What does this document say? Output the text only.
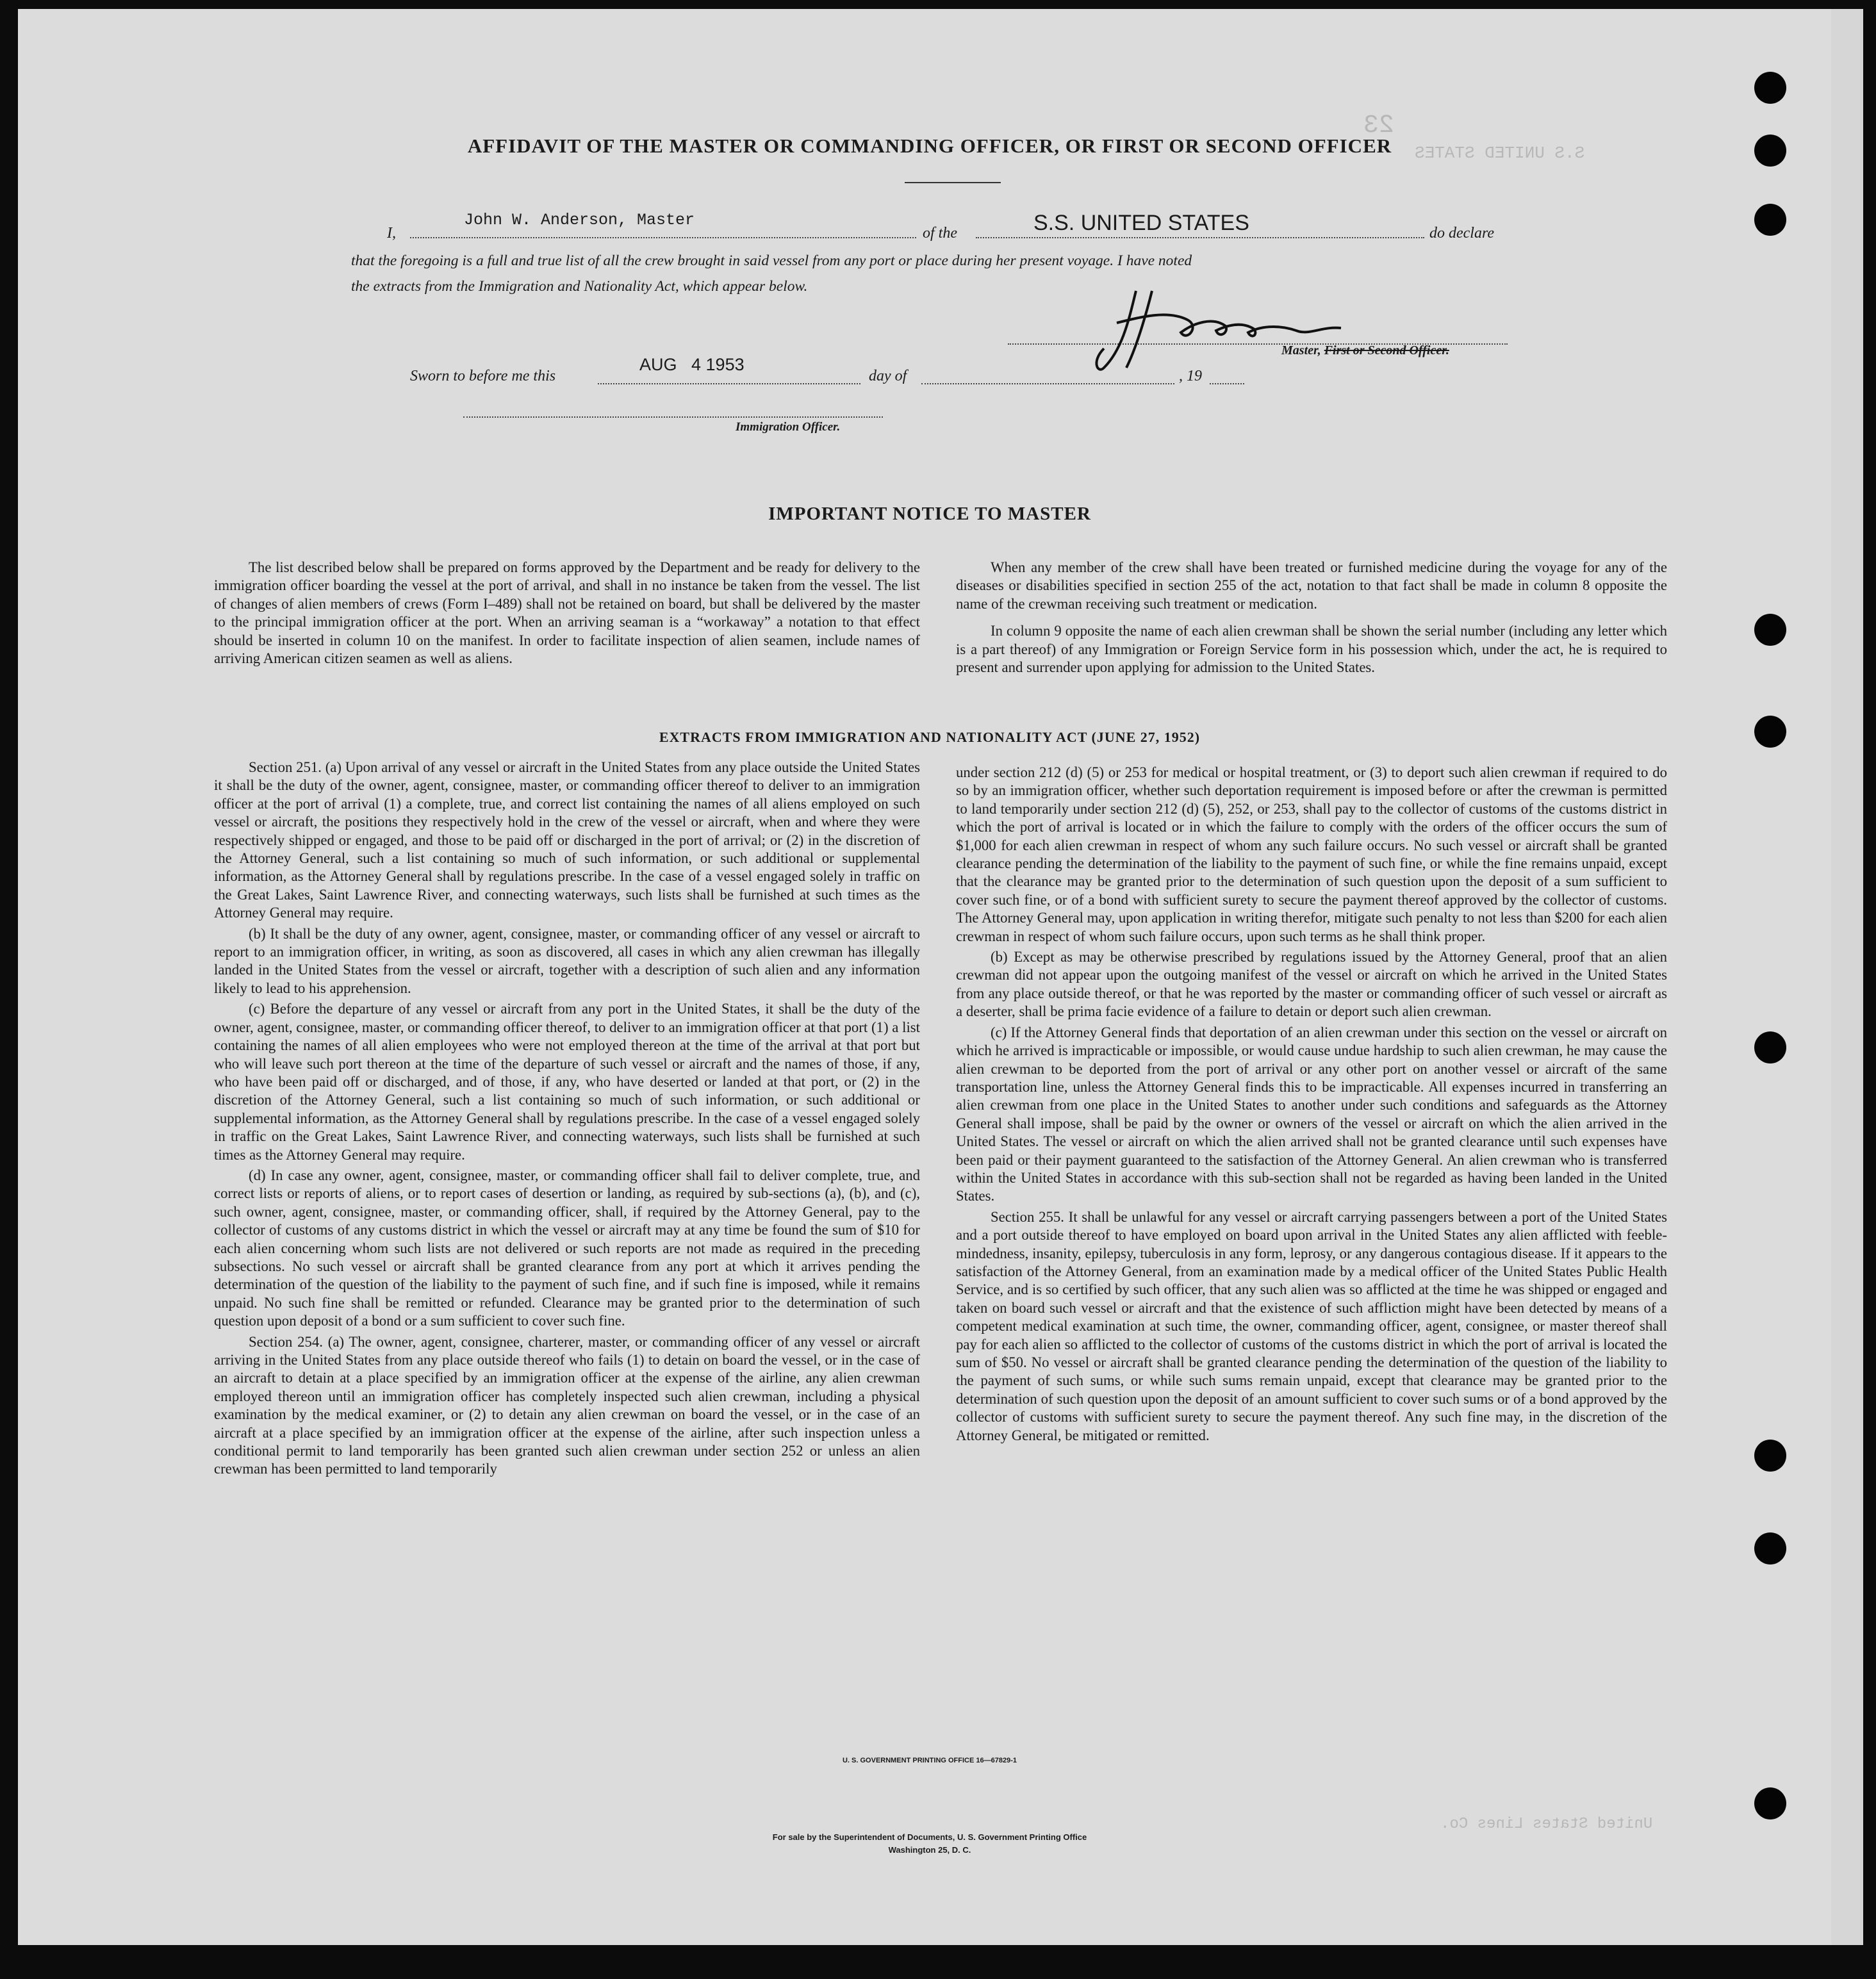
23
S.S UNITED STATES
United States Lines Co.
AFFIDAVIT OF THE MASTER OR COMMANDING OFFICER, OR FIRST OR SECOND OFFICER
I,
John W. Anderson, Master
of the	S.S. UNITED STATES	do declare
that the foregoing is a full and true list of all the crew brought in said vessel from any port or place during her present voyage. I have noted
the extracts from the Immigration and Nationality Act, which appear below.
Master, First or Second Officer.
Sworn to before me this
AUG   4 1953
day of	, 19
Immigration Officer.
IMPORTANT NOTICE TO MASTER

The list described below shall be prepared on forms approved by the Department and be ready for delivery to the immigration officer boarding the vessel at the port of arrival, and shall in no instance be taken from the vessel. The list of changes of alien members of crews (Form I–489) shall not be retained on board, but shall be delivered by the master to the principal immigration officer at the port. When an arriving seaman is a “workaway” a notation to that effect should be inserted in column 10 on the manifest. In order to facilitate inspection of alien seamen, include names of arriving American citizen seamen as well as aliens.

When any member of the crew shall have been treated or furnished medicine during the voyage for any of the diseases or disabilities specified in section 255 of the act, notation to that fact shall be made in column 8 opposite the name of the crewman receiving such treatment or medication.

In column 9 opposite the name of each alien crewman shall be shown the serial number (including any letter which is a part thereof) of any Immigration or Foreign Service form in his possession which, under the act, he is required to present and surrender upon applying for admission to the United States.

EXTRACTS FROM IMMIGRATION AND NATIONALITY ACT (JUNE 27, 1952)

Section 251. (a) Upon arrival of any vessel or aircraft in the United States from any place outside the United States it shall be the duty of the owner, agent, consignee, master, or commanding officer thereof to deliver to an immigration officer at the port of arrival (1) a complete, true, and correct list containing the names of all aliens employed on such vessel or aircraft, the positions they respectively hold in the crew of the vessel or aircraft, when and where they were respectively shipped or engaged, and those to be paid off or discharged in the port of arrival; or (2) in the discretion of the Attorney General, such a list containing so much of such information, or such additional or supplemental information, as the Attorney General shall by regulations prescribe. In the case of a vessel engaged solely in traffic on the Great Lakes, Saint Lawrence River, and connecting waterways, such lists shall be furnished at such times as the Attorney General may require.

(b) It shall be the duty of any owner, agent, consignee, master, or commanding officer of any vessel or aircraft to report to an immigration officer, in writing, as soon as discovered, all cases in which any alien crewman has illegally landed in the United States from the vessel or aircraft, together with a description of such alien and any information likely to lead to his apprehension.

(c) Before the departure of any vessel or aircraft from any port in the United States, it shall be the duty of the owner, agent, consignee, master, or commanding officer thereof, to deliver to an immigration officer at that port (1) a list containing the names of all alien employees who were not employed thereon at the time of the arrival at that port but who will leave such port thereon at the time of the departure of such vessel or aircraft and the names of those, if any, who have been paid off or discharged, and of those, if any, who have deserted or landed at that port, or (2) in the discretion of the Attorney General, such a list containing so much of such information, or such additional or supplemental information, as the Attorney General shall by regulations prescribe. In the case of a vessel engaged solely in traffic on the Great Lakes, Saint Lawrence River, and connecting waterways, such lists shall be furnished at such times as the Attorney General may require.

(d) In case any owner, agent, consignee, master, or commanding officer shall fail to deliver complete, true, and correct lists or reports of aliens, or to report cases of desertion or landing, as required by sub-sections (a), (b), and (c), such owner, agent, consignee, master, or commanding officer, shall, if required by the Attorney General, pay to the collector of customs of any customs district in which the vessel or aircraft may at any time be found the sum of $10 for each alien concerning whom such lists are not delivered or such reports are not made as required in the preceding subsections. No such vessel or aircraft shall be granted clearance from any port at which it arrives pending the determination of the question of the liability to the payment of such fine, and if such fine is imposed, while it remains unpaid. No such fine shall be remitted or refunded. Clearance may be granted prior to the determination of such question upon deposit of a bond or a sum sufficient to cover such fine.

Section 254. (a) The owner, agent, consignee, charterer, master, or commanding officer of any vessel or aircraft arriving in the United States from any place outside thereof who fails (1) to detain on board the vessel, or in the case of an aircraft to detain at a place specified by an immigration officer at the expense of the airline, any alien crewman employed thereon until an immigration officer has completely inspected such alien crewman, including a physical examination by the medical examiner, or (2) to detain any alien crewman on board the vessel, or in the case of an aircraft at a place specified by an immigration officer at the expense of the airline, after such inspection unless a conditional permit to land temporarily has been granted such alien crewman under section 252 or unless an alien crewman has been permitted to land temporarily

under section 212 (d) (5) or 253 for medical or hospital treatment, or (3) to deport such alien crewman if required to do so by an immigration officer, whether such deportation requirement is imposed before or after the crewman is permitted to land temporarily under section 212 (d) (5), 252, or 253, shall pay to the collector of customs of the customs district in which the port of arrival is located or in which the failure to comply with the orders of the officer occurs the sum of $1,000 for each alien crewman in respect of whom any such failure occurs. No such vessel or aircraft shall be granted clearance pending the determination of the liability to the payment of such fine, or while the fine remains unpaid, except that the clearance may be granted prior to the determination of such question upon the deposit of a sum sufficient to cover such fine, or of a bond with sufficient surety to secure the payment thereof approved by the collector of customs. The Attorney General may, upon application in writing therefor, mitigate such penalty to not less than $200 for each alien crewman in respect of whom such failure occurs, upon such terms as he shall think proper.

(b) Except as may be otherwise prescribed by regulations issued by the Attorney General, proof that an alien crewman did not appear upon the outgoing manifest of the vessel or aircraft on which he arrived in the United States from any place outside thereof, or that he was reported by the master or commanding officer of such vessel or aircraft as a deserter, shall be prima facie evidence of a failure to detain or deport such alien crewman.

(c) If the Attorney General finds that deportation of an alien crewman under this section on the vessel or aircraft on which he arrived is impracticable or impossible, or would cause undue hardship to such alien crewman, he may cause the alien crewman to be deported from the port of arrival or any other port on another vessel or aircraft of the same transportation line, unless the Attorney General finds this to be impracticable. All expenses incurred in transferring an alien crewman from one place in the United States to another under such conditions and safeguards as the Attorney General shall impose, shall be paid by the owner or owners of the vessel or aircraft on which the alien arrived in the United States. The vessel or aircraft on which the alien arrived shall not be granted clearance until such expenses have been paid or their payment guaranteed to the satisfaction of the Attorney General. An alien crewman who is transferred within the United States in accordance with this sub-section shall not be regarded as having been landed in the United States.

Section 255. It shall be unlawful for any vessel or aircraft carrying passengers between a port of the United States and a port outside thereof to have employed on board upon arrival in the United States any alien afflicted with feeble-mindedness, insanity, epilepsy, tuberculosis in any form, leprosy, or any dangerous contagious disease. If it appears to the satisfaction of the Attorney General, from an examination made by a medical officer of the United States Public Health Service, and is so certified by such officer, that any such alien was so afflicted at the time he was shipped or engaged and taken on board such vessel or aircraft and that the existence of such affliction might have been detected by means of a competent medical examination at such time, the owner, commanding officer, agent, consignee, or master thereof shall pay for each alien so afflicted to the collector of customs of the customs district in which the port of arrival is located the sum of $50. No vessel or aircraft shall be granted clearance pending the determination of the question of the liability to the payment of such sums, or while such sums remain unpaid, except that clearance may be granted prior to the determination of such question upon the deposit of an amount sufficient to cover such sums or of a bond approved by the collector of customs with sufficient surety to secure the payment thereof. Any such fine may, in the discretion of the Attorney General, be mitigated or remitted.

U. S. GOVERNMENT PRINTING OFFICE 16—67829-1
For sale by the Superintendent of Documents, U. S. Government Printing Office
Washington 25, D. C.
